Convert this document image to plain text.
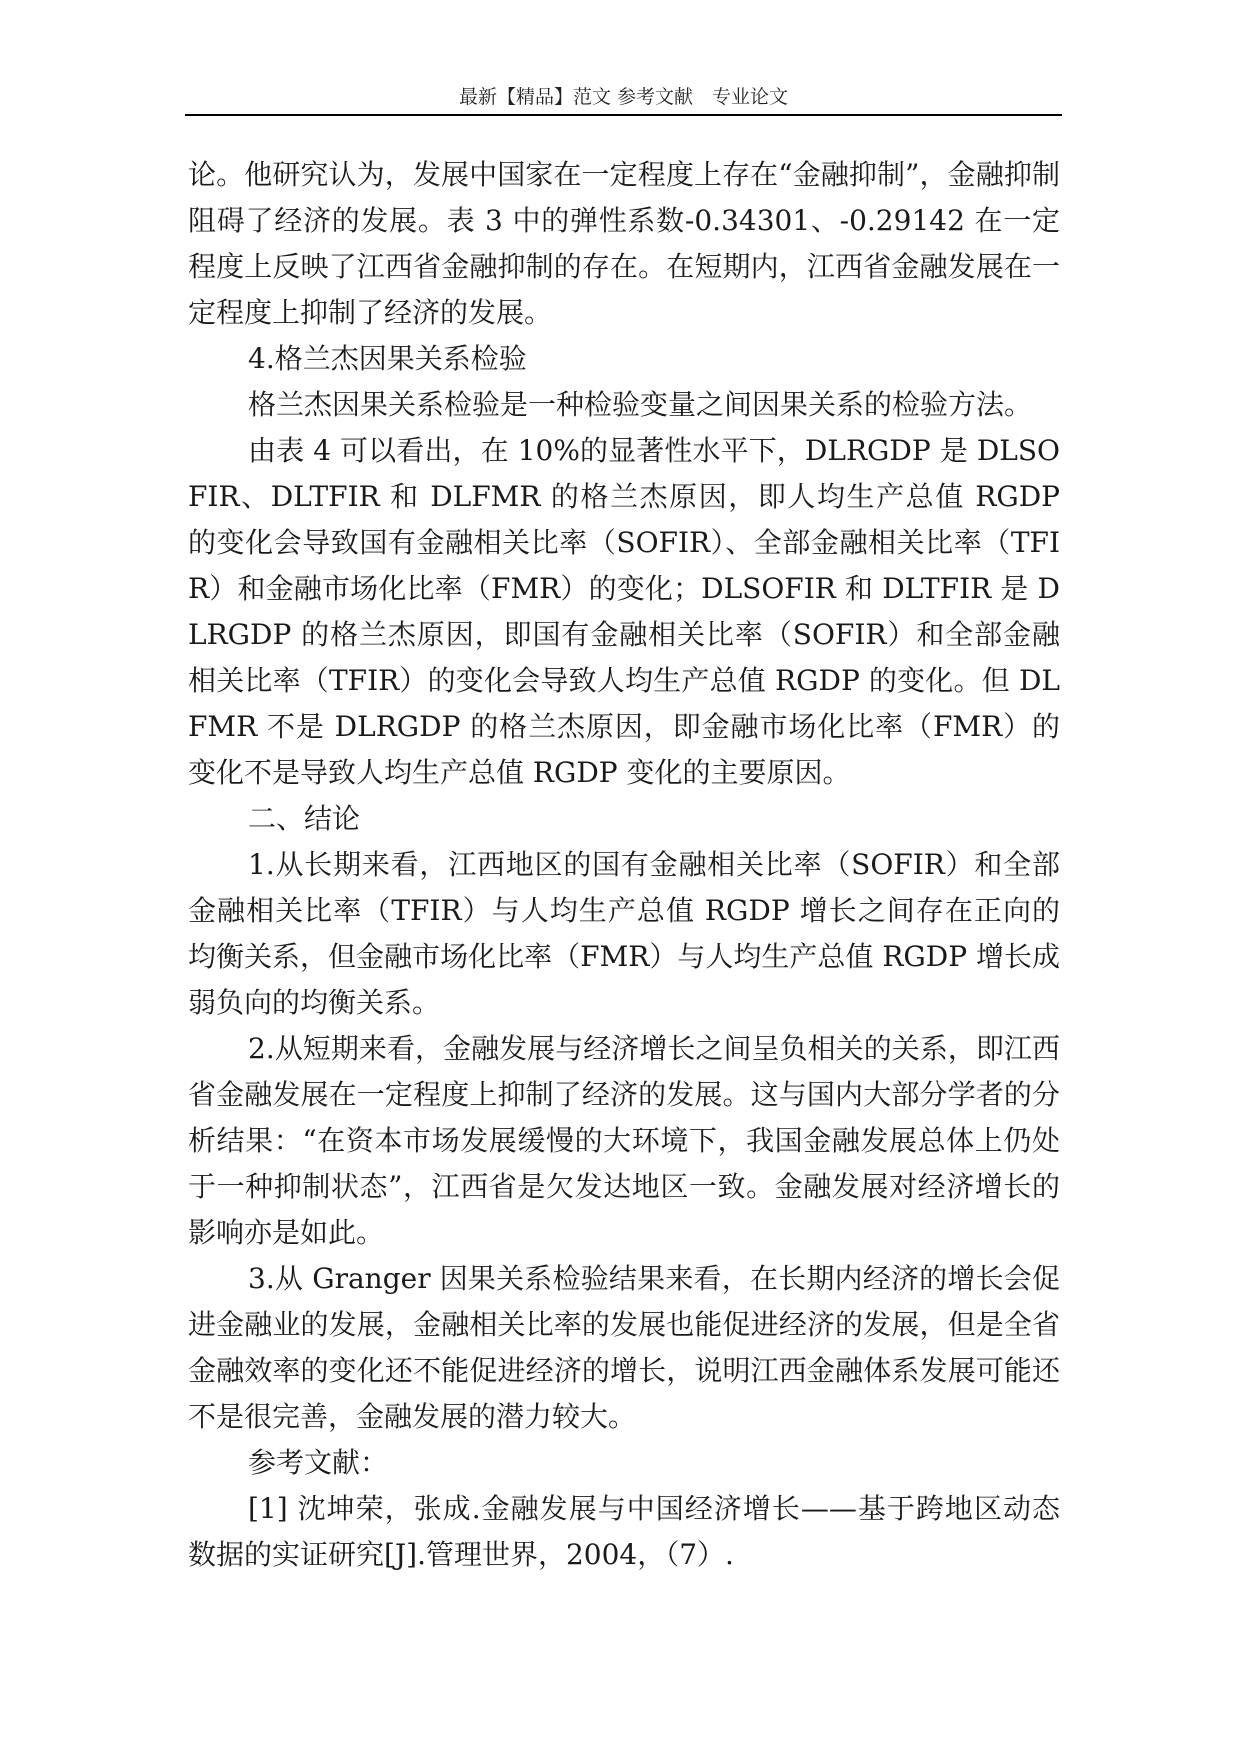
最新【精品】范文 参考文献　专业论文

论。他研究认为，发展中国家在一定程度上存在“金融抑制”，金融抑制阻碍了经济的发展。表 3 中的弹性系数-0.34301、-0.29142 在一定程度上反映了江西省金融抑制的存在。在短期内，江西省金融发展在一定程度上抑制了经济的发展。

4.格兰杰因果关系检验

格兰杰因果关系检验是一种检验变量之间因果关系的检验方法。

由表 4 可以看出，在 10%的显著性水平下，DLRGDP 是 DLSOFIR、DLTFIR 和 DLFMR 的格兰杰原因，即人均生产总值 RGDP 的变化会导致国有金融相关比率（SOFIR）、全部金融相关比率（TFIR）和金融市场化比率（FMR）的变化；DLSOFIR 和 DLTFIR 是 DLRGDP 的格兰杰原因，即国有金融相关比率（SOFIR）和全部金融相关比率（TFIR）的变化会导致人均生产总值 RGDP 的变化。但 DLFMR 不是 DLRGDP 的格兰杰原因，即金融市场化比率（FMR）的变化不是导致人均生产总值 RGDP 变化的主要原因。

二、结论

1.从长期来看，江西地区的国有金融相关比率（SOFIR）和全部金融相关比率（TFIR）与人均生产总值 RGDP 增长之间存在正向的均衡关系，但金融市场化比率（FMR）与人均生产总值 RGDP 增长成弱负向的均衡关系。

2.从短期来看，金融发展与经济增长之间呈负相关的关系，即江西省金融发展在一定程度上抑制了经济的发展。这与国内大部分学者的分析结果：“在资本市场发展缓慢的大环境下，我国金融发展总体上仍处于一种抑制状态”，江西省是欠发达地区一致。金融发展对经济增长的影响亦是如此。

3.从 Granger 因果关系检验结果来看，在长期内经济的增长会促进金融业的发展，金融相关比率的发展也能促进经济的发展，但是全省金融效率的变化还不能促进经济的增长，说明江西金融体系发展可能还不是很完善，金融发展的潜力较大。

参考文献：

[1] 沈坤荣，张成.金融发展与中国经济增长——基于跨地区动态数据的实证研究[J].管理世界，2004，（7）.
